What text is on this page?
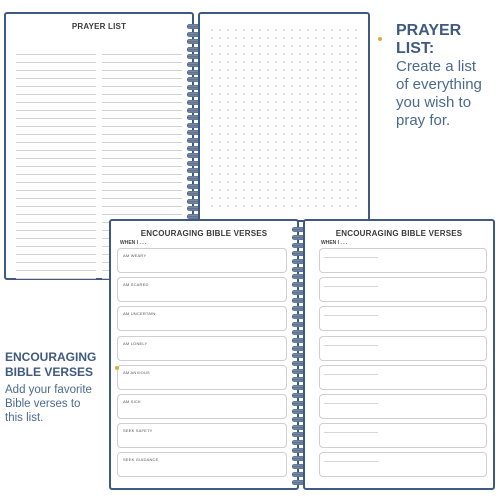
PRAYER LIST
ENCOURAGING BIBLE VERSES
WHEN I . . .
AM WEARY
AM SCARED
AM UNCERTAIN
AM LONELY
AM ANXIOUS
AM SICK
SEEK SAFETY
SEEK GUIDANCE
ENCOURAGING BIBLE VERSES
WHEN I . . .
PRAYER
LIST:
Create a list
of everything
you wish to
pray for.
ENCOURAGING
BIBLE VERSES
Add your favorite
Bible verses to
this list.
